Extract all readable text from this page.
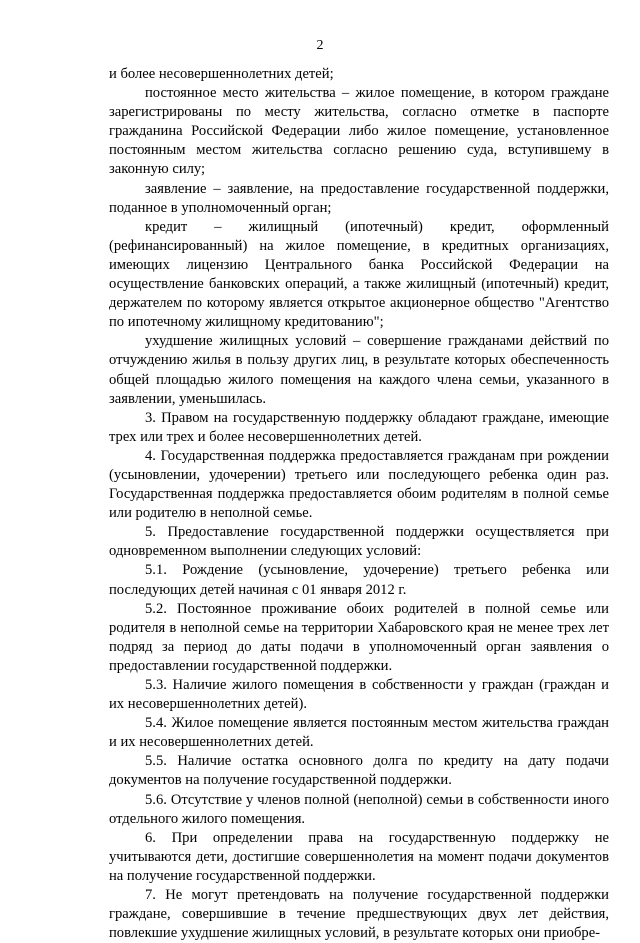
2

и более несовершеннолетних детей;

постоянное место жительства – жилое помещение, в котором граждане зарегистрированы по месту жительства, согласно отметке в паспорте гражданина Российской Федерации либо жилое помещение, установленное постоянным местом жительства согласно решению суда, вступившему в законную силу;

заявление – заявление, на предоставление государственной поддержки, поданное в уполномоченный орган;

кредит – жилищный (ипотечный) кредит, оформленный (рефинансированный) на жилое помещение, в кредитных организациях, имеющих лицензию Центрального банка Российской Федерации на осуществление банковских операций, а также жилищный (ипотечный) кредит, держателем по которому является открытое акционерное общество "Агентство по ипотечному жилищному кредитованию";

ухудшение жилищных условий – совершение гражданами действий по отчуждению жилья в пользу других лиц, в результате которых обеспеченность общей площадью жилого помещения на каждого члена семьи, указанного в заявлении, уменьшилась.

3. Правом на государственную поддержку обладают граждане, имеющие трех или трех и более несовершеннолетних детей.

4. Государственная поддержка предоставляется гражданам при рождении (усыновлении, удочерении) третьего или последующего ребенка один раз. Государственная поддержка предоставляется обоим родителям в полной семье или родителю в неполной семье.

5. Предоставление государственной поддержки осуществляется при одновременном выполнении следующих условий:

5.1. Рождение (усыновление, удочерение) третьего ребенка или последующих детей начиная с 01 января 2012 г.

5.2. Постоянное проживание обоих родителей в полной семье или родителя в неполной семье на территории Хабаровского края не менее трех лет подряд за период до даты подачи в уполномоченный орган заявления о предоставлении государственной поддержки.

5.3. Наличие жилого помещения в собственности у граждан (граждан и их несовершеннолетних детей).

5.4. Жилое помещение является постоянным местом жительства граждан и их несовершеннолетних детей.

5.5. Наличие остатка основного долга по кредиту на дату подачи документов на получение государственной поддержки.

5.6. Отсутствие у членов полной (неполной) семьи в собственности иного отдельного жилого помещения.

6. При определении права на государственную поддержку не учитываются дети, достигшие совершеннолетия на момент подачи документов на получение государственной поддержки.

7. Не могут претендовать на получение государственной поддержки граждане, совершившие в течение предшествующих двух лет действия, повлекшие ухудшение жилищных условий, в результате которых они приобре-
